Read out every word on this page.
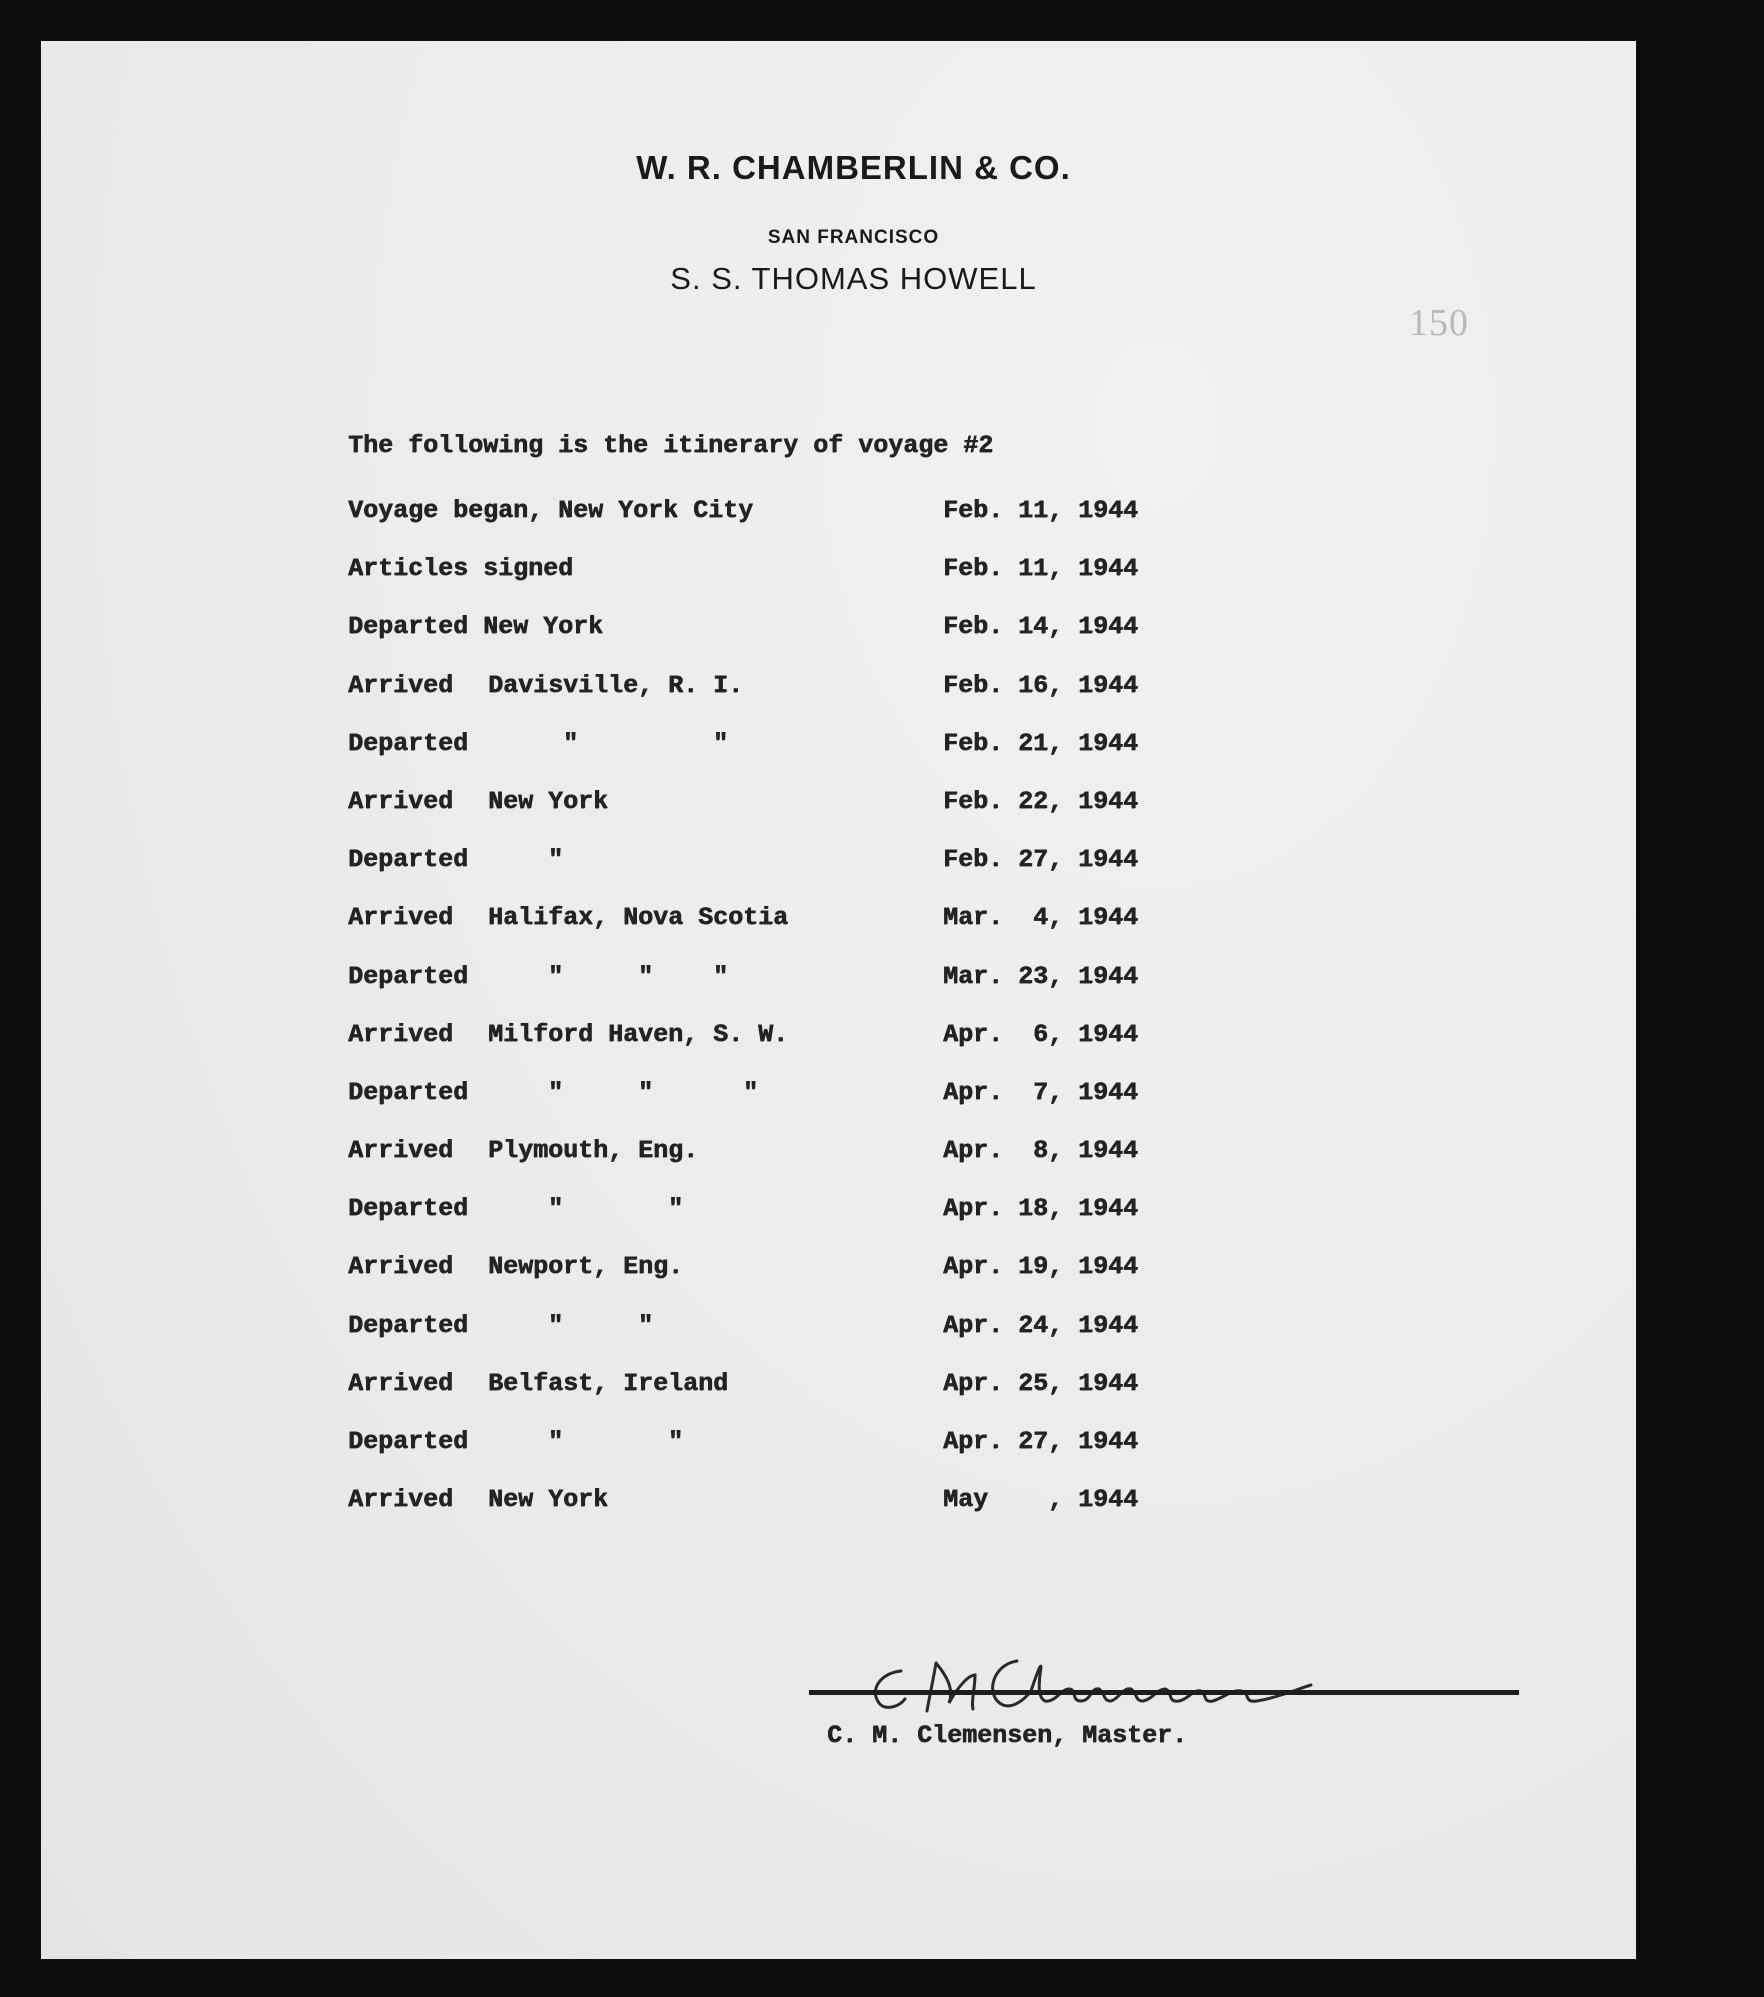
W. R. CHAMBERLIN & CO.
SAN FRANCISCO
S. S. THOMAS HOWELL
150
The following is the itinerary of voyage #2
Voyage began, New York City	Feb. 11, 1944
Articles signed	Feb. 11, 1944
Departed New York	Feb. 14, 1944
Arrived Davisville, R. I.	Feb. 16, 1944
Departed "         "	Feb. 21, 1944
Arrived New York	Feb. 22, 1944
Departed "	Feb. 27, 1944
Arrived Halifax, Nova Scotia	Mar.  4, 1944
Departed "     "    "	Mar. 23, 1944
Arrived Milford Haven, S. W.	Apr.  6, 1944
Departed "     "      "	Apr.  7, 1944
Arrived Plymouth, Eng.	Apr.  8, 1944
Departed "       "	Apr. 18, 1944
Arrived Newport, Eng.	Apr. 19, 1944
Departed "     "	Apr. 24, 1944
Arrived Belfast, Ireland	Apr. 25, 1944
Departed "       "	Apr. 27, 1944
Arrived New York	May    , 1944
C. M. Clemensen, Master.
